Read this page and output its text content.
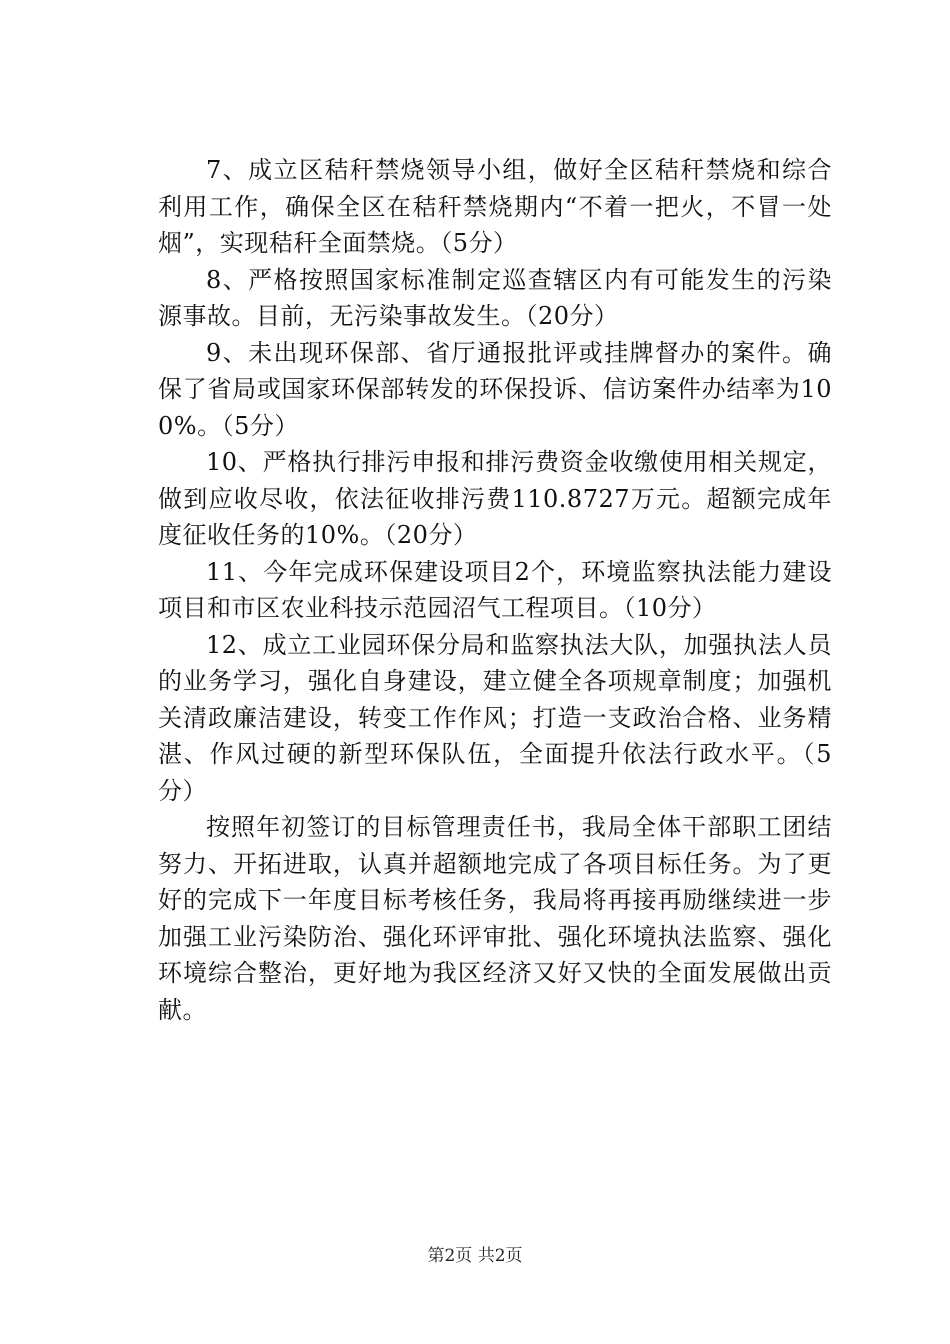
7、成立区秸秆禁烧领导小组，做好全区秸秆禁烧和综合利用工作，确保全区在秸秆禁烧期内“不着一把火，不冒一处烟”，实现秸秆全面禁烧。（5分）

8、严格按照国家标准制定巡查辖区内有可能发生的污染源事故。目前，无污染事故发生。（20分）

9、未出现环保部、省厅通报批评或挂牌督办的案件。确保了省局或国家环保部转发的环保投诉、信访案件办结率为100%。（5分）

10、严格执行排污申报和排污费资金收缴使用相关规定，做到应收尽收，依法征收排污费110.8727万元。超额完成年度征收任务的10%。（20分）

11、今年完成环保建设项目2个，环境监察执法能力建设项目和市区农业科技示范园沼气工程项目。（10分）

12、成立工业园环保分局和监察执法大队，加强执法人员的业务学习，强化自身建设，建立健全各项规章制度；加强机关清政廉洁建设，转变工作作风；打造一支政治合格、业务精湛、作风过硬的新型环保队伍，全面提升依法行政水平。（5分）

按照年初签订的目标管理责任书，我局全体干部职工团结努力、开拓进取，认真并超额地完成了各项目标任务。为了更好的完成下一年度目标考核任务，我局将再接再励继续进一步加强工业污染防治、强化环评审批、强化环境执法监察、强化环境综合整治，更好地为我区经济又好又快的全面发展做出贡献。

第2页 共2页
